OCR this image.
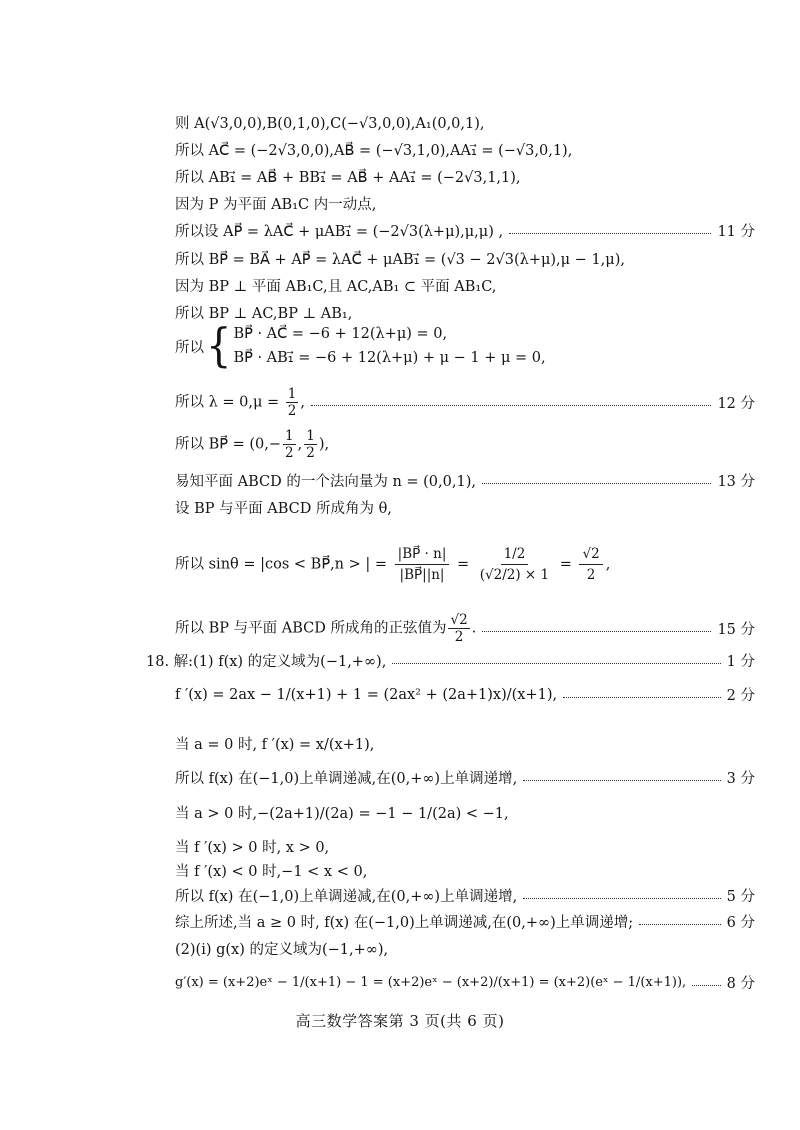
则 A(√3,0,0),B(0,1,0),C(−√3,0,0),A₁(0,0,1),
所以 AC⃗ = (−2√3,0,0),AB⃗ = (−√3,1,0),AA₁⃗ = (−√3,0,1),
所以 AB₁⃗ = AB⃗ + BB₁⃗ = AB⃗ + AA₁⃗ = (−2√3,1,1),
因为 P 为平面 AB₁C 内一动点,
所以设 AP⃗ = λAC⃗ + μAB₁⃗ = (−2√3(λ+μ),μ,μ) ,	11 分
所以 BP⃗ = BA⃗ + AP⃗ = λAC⃗ + μAB₁⃗ = (√3 − 2√3(λ+μ),μ − 1,μ),
因为 BP ⊥ 平面 AB₁C,且 AC,AB₁ ⊂ 平面 AB₁C,
所以 BP ⊥ AC,BP ⊥ AB₁,
所以 { BP⃗ · AC⃗ = −6 + 12(λ+μ) = 0,
BP⃗ · AB₁⃗ = −6 + 12(λ+μ) + μ − 1 + μ = 0,
所以 $\lambda = 0,\mu = \frac{1}{2}$ ,	12 分
所以 BP⃗ = ($0,- \frac{1}{2}$ , $\frac{1}{2}$ ),
易知平面 ABCD 的一个法向量为 n = (0,0,1),	13 分
设 BP 与平面 ABCD 所成角为 θ,
所以 sinθ = |cos < BP⃗,n > | = $\frac{|BP⃗ \cdot n|}{|BP⃗||n|} = \frac{1/2}{(√2/2) \times 1} = \frac{√2}{2}$ ,
所以 BP 与平面 ABCD 所成角的正弦值为 $\frac{√2}{2}$ .	15 分
18. 解:(1) f(x) 的定义域为(−1,+∞),	1 分
f ′(x) = 2ax − 1/(x+1) + 1 = (2ax² + (2a+1)x)/(x+1),	2 分
当 a = 0 时, f ′(x) = x/(x+1),
所以 f(x) 在(−1,0)上单调递减,在(0,+∞)上单调递增,	3 分
当 a > 0 时,−(2a+1)/(2a) = −1 − 1/(2a) < −1,
当 f ′(x) > 0 时, x > 0,
当 f ′(x) < 0 时,−1 < x < 0,
所以 f(x) 在(−1,0)上单调递减,在(0,+∞)上单调递增,	5 分
综上所述,当 a ≥ 0 时, f(x) 在(−1,0)上单调递减,在(0,+∞)上单调递增;	6 分
(2)(ⅰ) g(x) 的定义域为(−1,+∞),
g′(x) = (x+2)eˣ − 1/(x+1) − 1 = (x+2)eˣ − (x+2)/(x+1) = (x+2)(eˣ − 1/(x+1)),	8 分
高三数学答案第 3 页(共 6 页)
